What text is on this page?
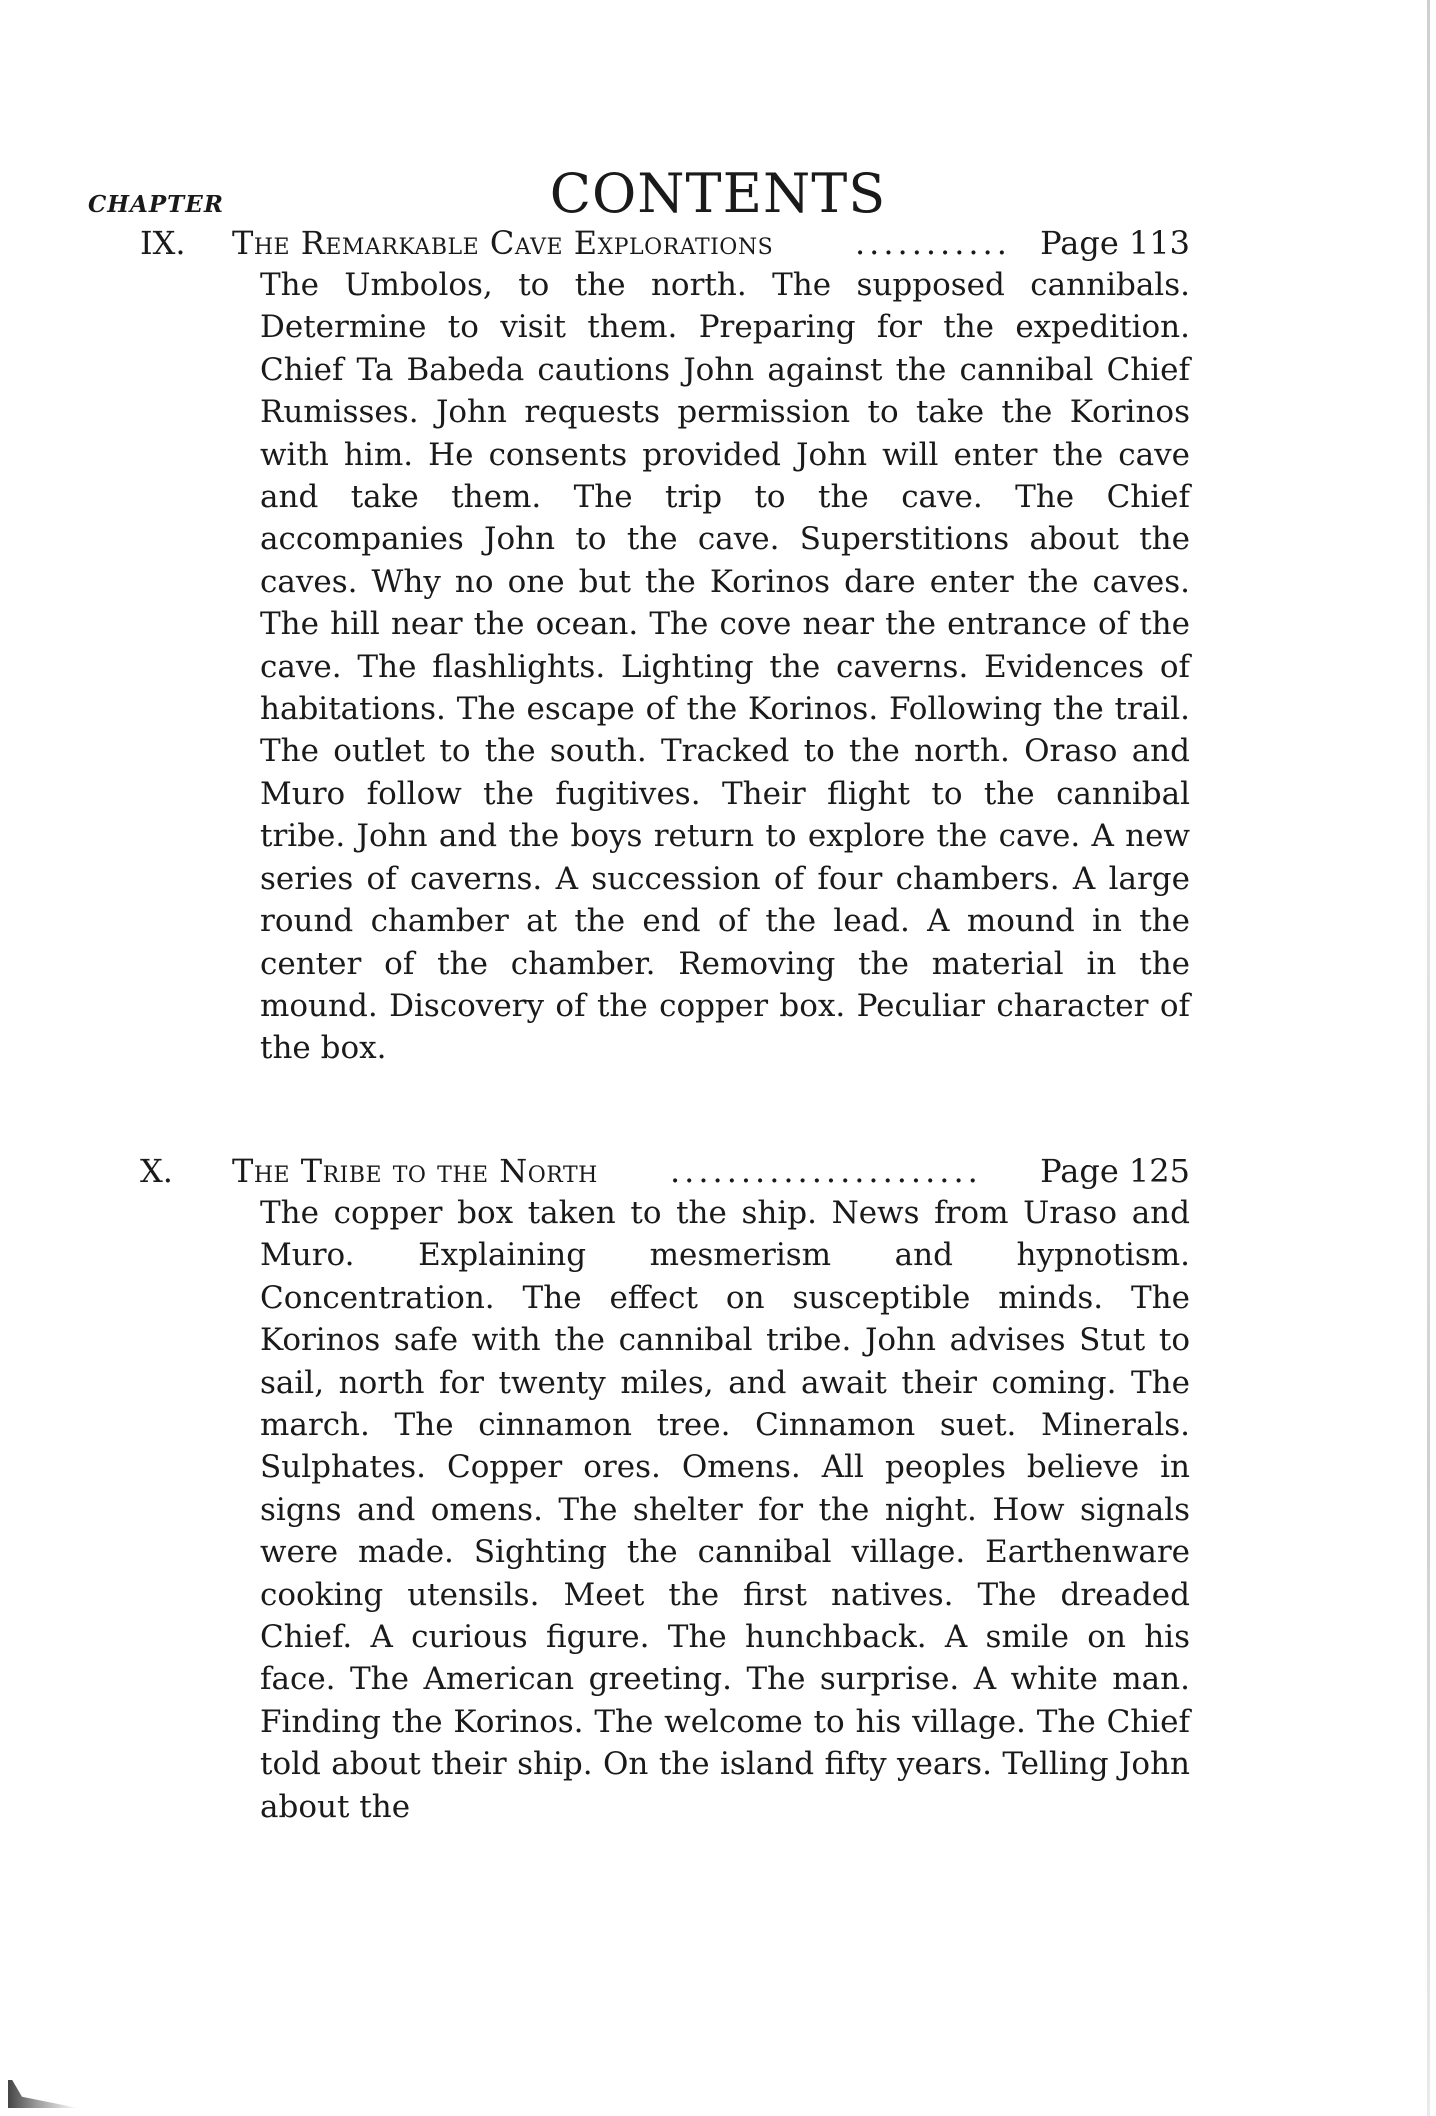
CONTENTS
CHAPTER
IX. The Remarkable Cave Explorations	........... Page 113

The Umbolos, to the north. The supposed cannibals. Determine to visit them. Preparing for the expedition. Chief Ta Babeda cautions John against the cannibal Chief Rumisses. John requests permission to take the Korinos with him. He consents provided John will enter the cave and take them. The trip to the cave. The Chief accompanies John to the cave. Superstitions about the caves. Why no one but the Korinos dare enter the caves. The hill near the ocean. The cove near the entrance of the cave. The flashlights. Lighting the caverns. Evidences of habitations. The escape of the Korinos. Following the trail. The outlet to the south. Tracked to the north. Oraso and Muro follow the fugitives. Their flight to the cannibal tribe. John and the boys return to explore the cave. A new series of caverns. A succession of four chambers. A large round chamber at the end of the lead. A mound in the center of the chamber. Removing the material in the mound. Discovery of the copper box. Peculiar character of the box.

X. The Tribe to the North ......................	Page 125

The copper box taken to the ship. News from Uraso and Muro. Explaining mesmerism and hypnotism. Concentration. The effect on susceptible minds. The Korinos safe with the cannibal tribe. John advises Stut to sail, north for twenty miles, and await their coming. The march. The cinnamon tree. Cinnamon suet. Minerals. Sulphates. Copper ores. Omens. All peoples believe in signs and omens. The shelter for the night. How signals were made. Sighting the cannibal village. Earthenware cooking utensils. Meet the first natives. The dreaded Chief. A curious figure. The hunchback. A smile on his face. The American greeting. The surprise. A white man. Finding the Korinos. The welcome to his village. The Chief told about their ship. On the island fifty years. Telling John about the
